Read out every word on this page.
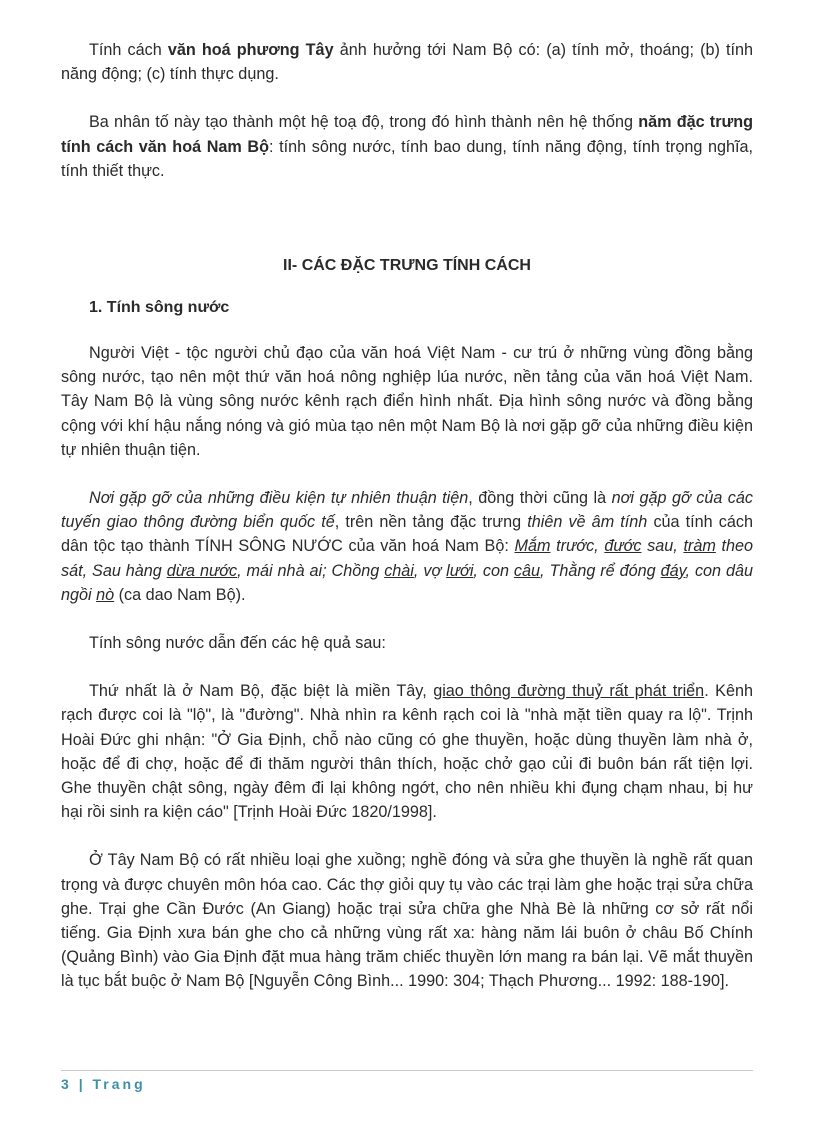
Tính cách văn hoá phương Tây ảnh hưởng tới Nam Bộ có: (a) tính mở, thoáng; (b) tính năng động; (c) tính thực dụng.

Ba nhân tố này tạo thành một hệ toạ độ, trong đó hình thành nên hệ thống năm đặc trưng tính cách văn hoá Nam Bộ: tính sông nước, tính bao dung, tính năng động, tính trọng nghĩa, tính thiết thực.

II- CÁC ĐẶC TRƯNG TÍNH CÁCH
1. Tính sông nước

Người Việt - tộc người chủ đạo của văn hoá Việt Nam - cư trú ở những vùng đồng bằng sông nước, tạo nên một thứ văn hoá nông nghiệp lúa nước, nền tảng của văn hoá Việt Nam. Tây Nam Bộ là vùng sông nước kênh rạch điển hình nhất. Địa hình sông nước và đồng bằng cộng với khí hậu nắng nóng và gió mùa tạo nên một Nam Bộ là nơi gặp gỡ của những điều kiện tự nhiên thuận tiện.

Nơi gặp gỡ của những điều kiện tự nhiên thuận tiện, đồng thời cũng là nơi gặp gỡ của các tuyến giao thông đường biển quốc tế, trên nền tảng đặc trưng thiên về âm tính của tính cách dân tộc tạo thành TÍNH SÔNG NƯỚC của văn hoá Nam Bộ: Mắm trước, đước sau, tràm theo sát, Sau hàng dừa nước, mái nhà ai; Chồng chài, vợ lưới, con câu, Thằng rể đóng đáy, con dâu ngồi nò (ca dao Nam Bộ).

Tính sông nước dẫn đến các hệ quả sau:

Thứ nhất là ở Nam Bộ, đặc biệt là miền Tây, giao thông đường thuỷ rất phát triển. Kênh rạch được coi là "lộ", là "đường". Nhà nhìn ra kênh rạch coi là "nhà mặt tiền quay ra lộ". Trịnh Hoài Đức ghi nhận: "Ở Gia Định, chỗ nào cũng có ghe thuyền, hoặc dùng thuyền làm nhà ở, hoặc để đi chợ, hoặc để đi thăm người thân thích, hoặc chở gạo củi đi buôn bán rất tiện lợi. Ghe thuyền chật sông, ngày đêm đi lại không ngớt, cho nên nhiều khi đụng chạm nhau, bị hư hại rồi sinh ra kiện cáo" [Trịnh Hoài Đức 1820/1998].

Ở Tây Nam Bộ có rất nhiều loại ghe xuồng; nghề đóng và sửa ghe thuyền là nghề rất quan trọng và được chuyên môn hóa cao. Các thợ giỏi quy tụ vào các trại làm ghe hoặc trại sửa chữa ghe. Trại ghe Cần Đước (An Giang) hoặc trại sửa chữa ghe Nhà Bè là những cơ sở rất nổi tiếng. Gia Định xưa bán ghe cho cả những vùng rất xa: hàng năm lái buôn ở châu Bố Chính (Quảng Bình) vào Gia Định đặt mua hàng trăm chiếc thuyền lớn mang ra bán lại. Vẽ mắt thuyền là tục bắt buộc ở Nam Bộ [Nguyễn Công Bình... 1990: 304; Thạch Phương... 1992: 188-190].

3 | Trang
